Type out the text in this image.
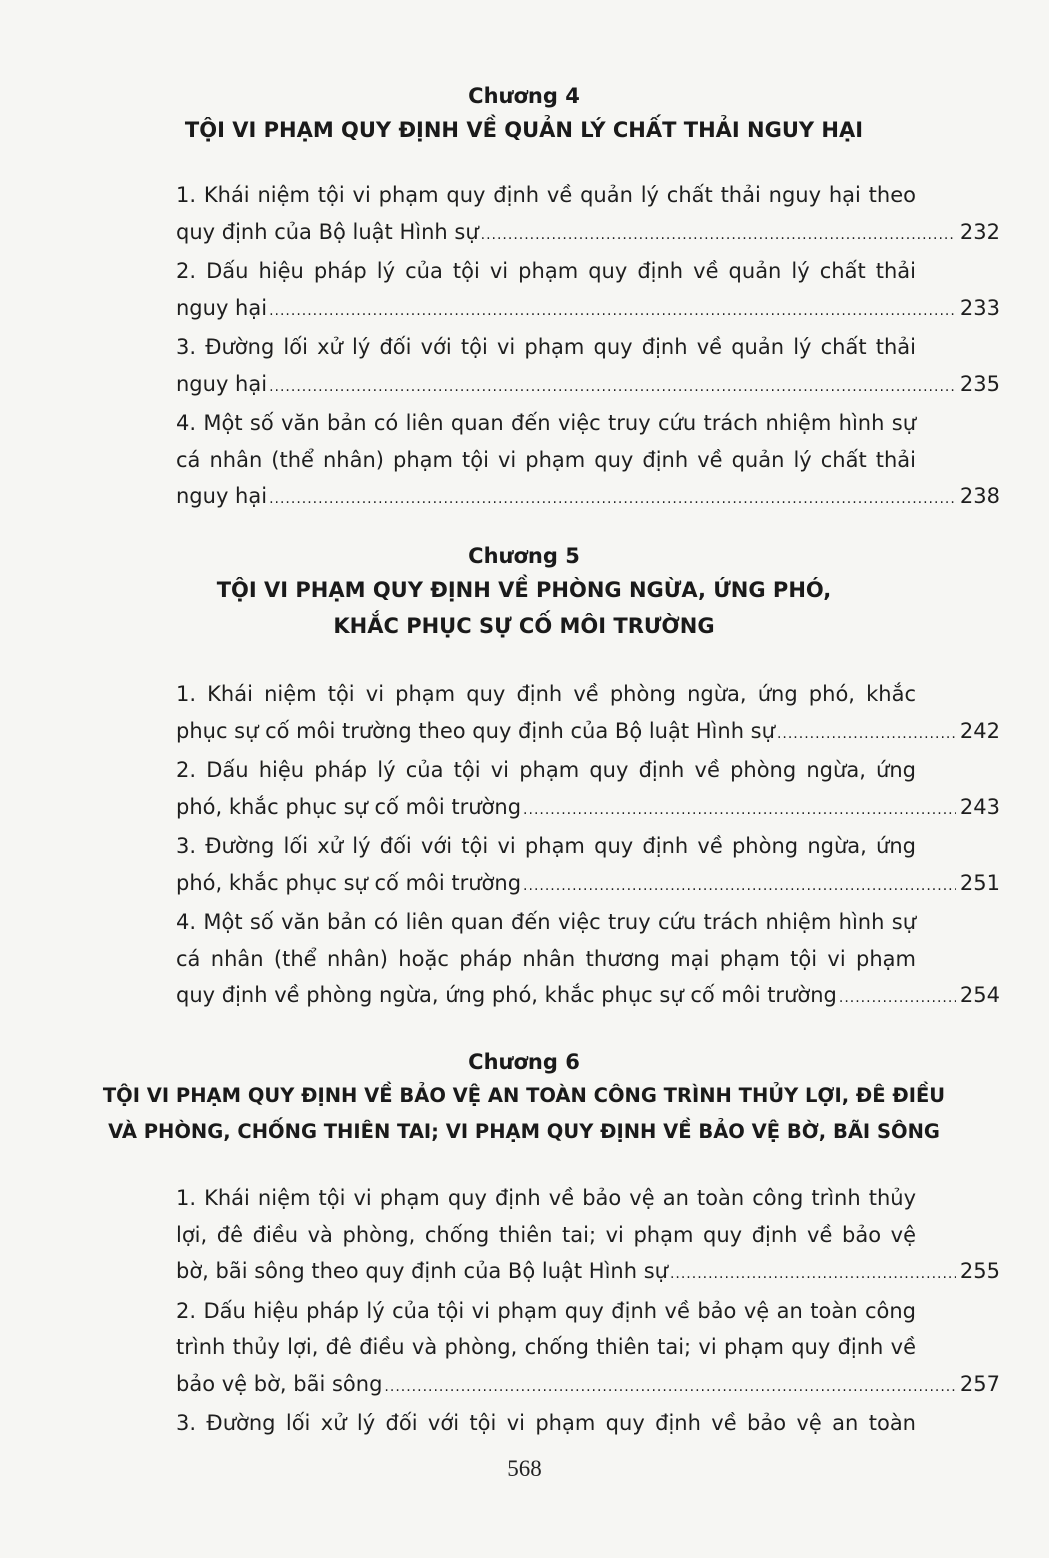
Chương 4
TỘI VI PHẠM QUY ĐỊNH VỀ QUẢN LÝ CHẤT THẢI NGUY HẠI
1. Khái niệm tội vi phạm quy định về quản lý chất thải nguy hại theo
quy định của Bộ luật Hình sự .....	232
2. Dấu hiệu pháp lý của tội vi phạm quy định về quản lý chất thải
nguy hại .....	233
3. Đường lối xử lý đối với tội vi phạm quy định về quản lý chất thải
nguy hại .....	235
4. Một số văn bản có liên quan đến việc truy cứu trách nhiệm hình sự
cá nhân (thể nhân) phạm tội vi phạm quy định về quản lý chất thải
nguy hại .....	238
Chương 5
TỘI VI PHẠM QUY ĐỊNH VỀ PHÒNG NGỪA, ỨNG PHÓ,
KHẮC PHỤC SỰ CỐ MÔI TRƯỜNG
1. Khái niệm tội vi phạm quy định về phòng ngừa, ứng phó, khắc
phục sự cố môi trường theo quy định của Bộ luật Hình sự .....	242
2. Dấu hiệu pháp lý của tội vi phạm quy định về phòng ngừa, ứng
phó, khắc phục sự cố môi trường .....	243
3. Đường lối xử lý đối với tội vi phạm quy định về phòng ngừa, ứng
phó, khắc phục sự cố môi trường .....	251
4. Một số văn bản có liên quan đến việc truy cứu trách nhiệm hình sự
cá nhân (thể nhân) hoặc pháp nhân thương mại phạm tội vi phạm
quy định về phòng ngừa, ứng phó, khắc phục sự cố môi trường .....	254
Chương 6
TỘI VI PHẠM QUY ĐỊNH VỀ BẢO VỆ AN TOÀN CÔNG TRÌNH THỦY LỢI, ĐÊ ĐIỀU
VÀ PHÒNG, CHỐNG THIÊN TAI; VI PHẠM QUY ĐỊNH VỀ BẢO VỆ BỜ, BÃI SÔNG
1. Khái niệm tội vi phạm quy định về bảo vệ an toàn công trình thủy
lợi, đê điều và phòng, chống thiên tai; vi phạm quy định về bảo vệ
bờ, bãi sông theo quy định của Bộ luật Hình sự .....	255
2. Dấu hiệu pháp lý của tội vi phạm quy định về bảo vệ an toàn công
trình thủy lợi, đê điều và phòng, chống thiên tai; vi phạm quy định về
bảo vệ bờ, bãi sông .....	257
3. Đường lối xử lý đối với tội vi phạm quy định về bảo vệ an toàn
568
